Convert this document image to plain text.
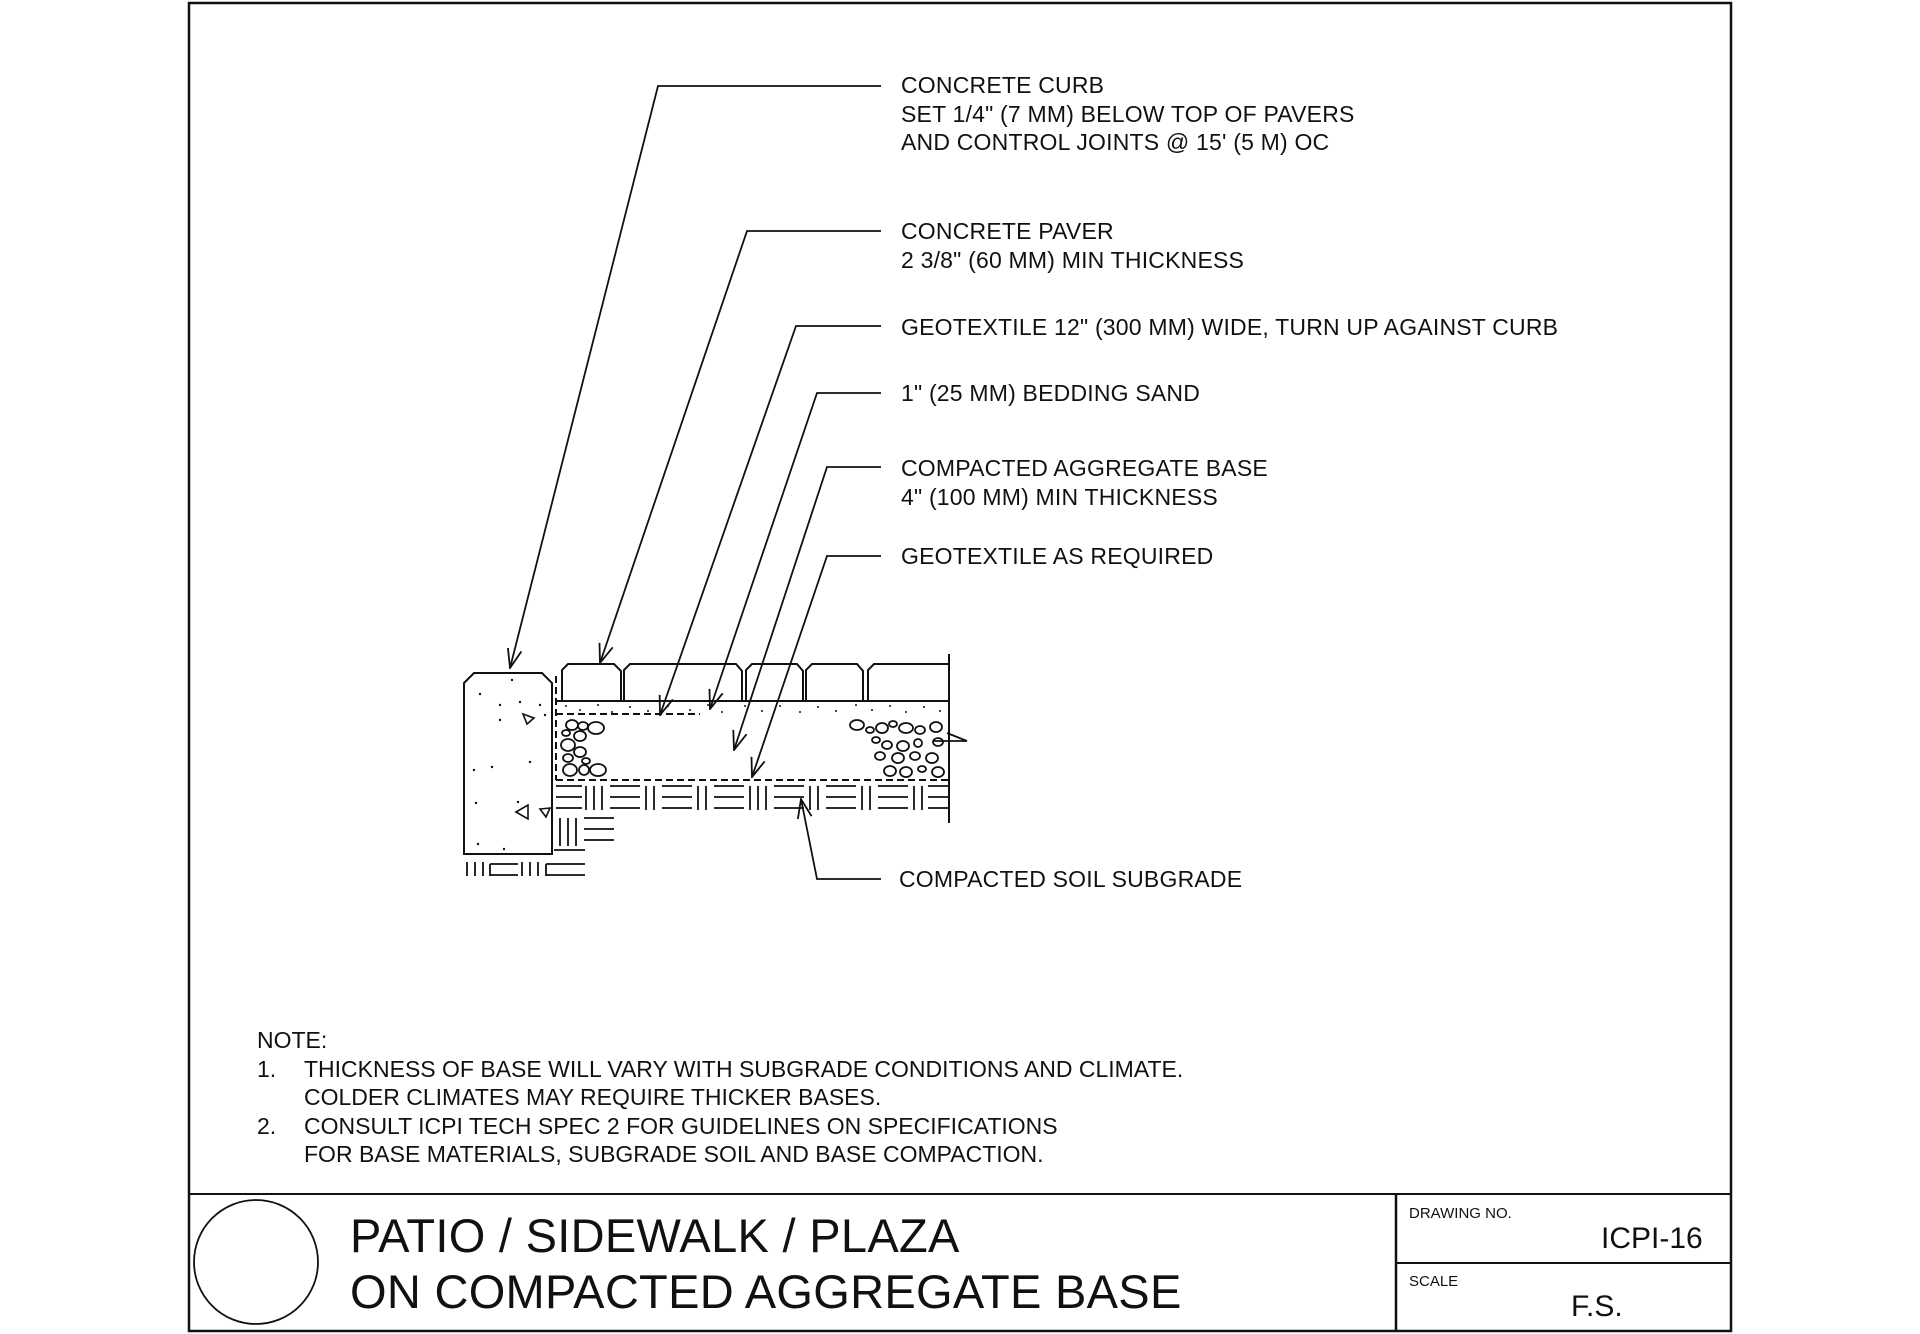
CONCRETE CURB
SET 1/4" (7 MM) BELOW TOP OF PAVERS
AND CONTROL JOINTS @ 15' (5 M) OC
CONCRETE PAVER
2 3/8" (60 MM) MIN THICKNESS
GEOTEXTILE 12" (300 MM) WIDE, TURN UP AGAINST CURB
1" (25 MM) BEDDING SAND
COMPACTED AGGREGATE BASE
4" (100 MM) MIN THICKNESS
GEOTEXTILE AS REQUIRED
COMPACTED SOIL SUBGRADE
NOTE:
1.	THICKNESS OF BASE WILL VARY WITH SUBGRADE CONDITIONS AND CLIMATE.
COLDER CLIMATES MAY REQUIRE THICKER BASES.
2.	CONSULT ICPI TECH SPEC 2 FOR GUIDELINES ON SPECIFICATIONS
FOR BASE MATERIALS, SUBGRADE SOIL AND BASE COMPACTION.
PATIO / SIDEWALK / PLAZA
ON COMPACTED AGGREGATE BASE
DRAWING NO.
ICPI-16
SCALE
F.S.
